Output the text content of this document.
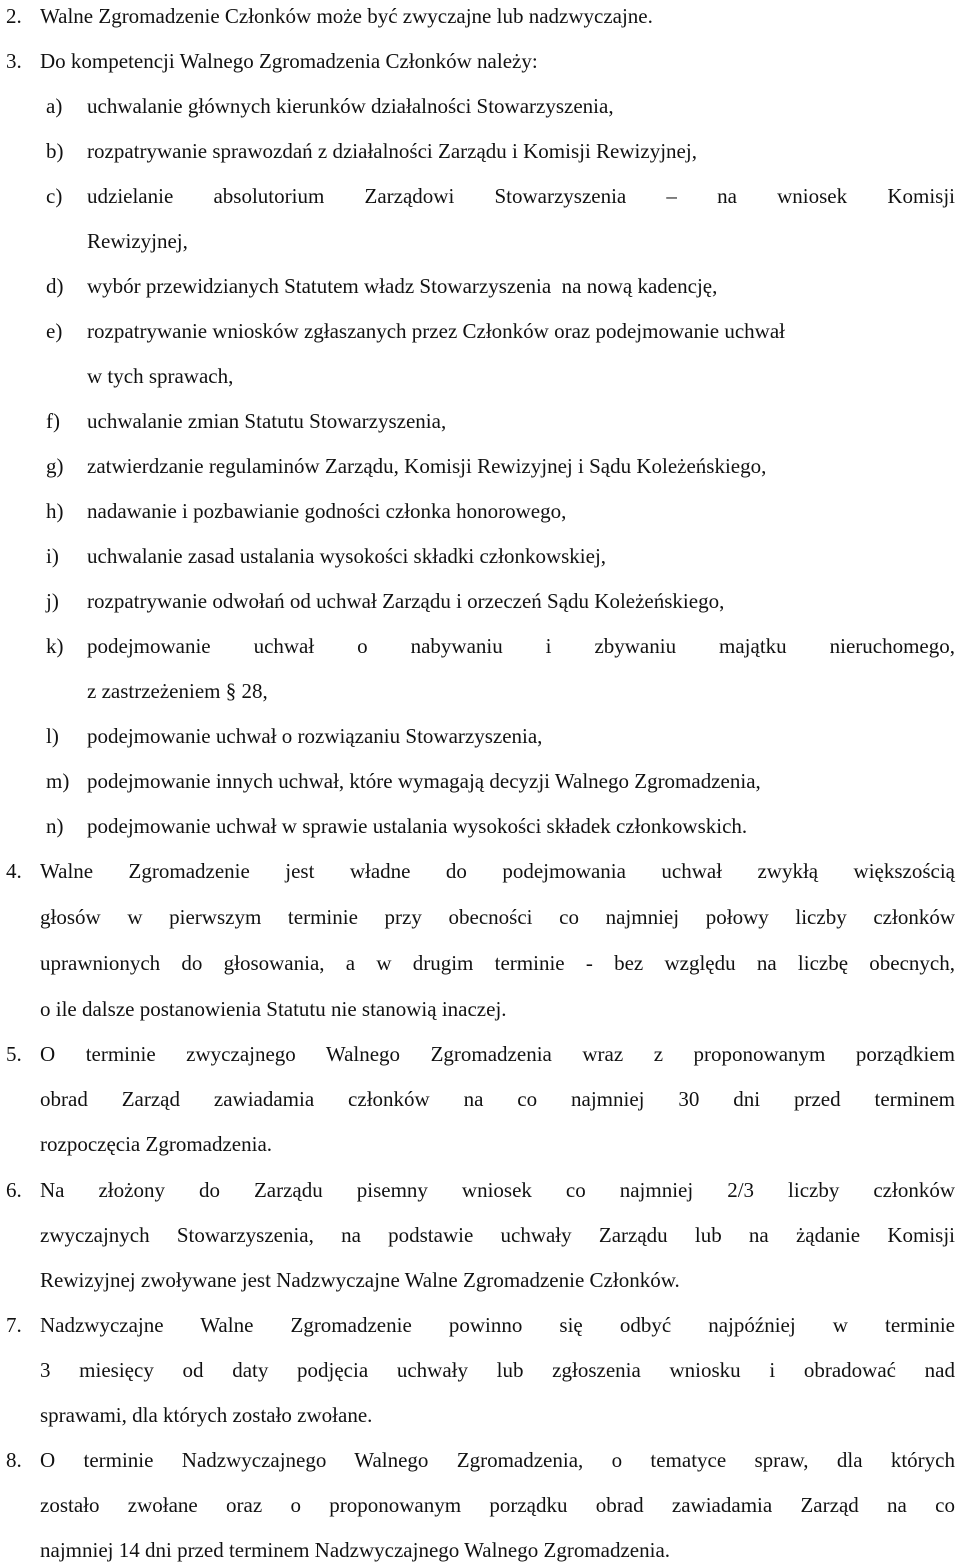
2. Walne Zgromadzenie Członków może być zwyczajne lub nadzwyczajne.
3. Do kompetencji Walnego Zgromadzenia Członków należy:
a) uchwalanie głównych kierunków działalności Stowarzyszenia,
b) rozpatrywanie sprawozdań z działalności Zarządu i Komisji Rewizyjnej,
c) udzielanie absolutorium Zarządowi Stowarzyszenia – na wniosek Komisji
Rewizyjnej,
d) wybór przewidzianych Statutem władz Stowarzyszenia  na nową kadencję,
e) rozpatrywanie wniosków zgłaszanych przez Członków oraz podejmowanie uchwał
w tych sprawach,
f) uchwalanie zmian Statutu Stowarzyszenia,
g) zatwierdzanie regulaminów Zarządu, Komisji Rewizyjnej i Sądu Koleżeńskiego,
h) nadawanie i pozbawianie godności członka honorowego,
i) uchwalanie zasad ustalania wysokości składki członkowskiej,
j) rozpatrywanie odwołań od uchwał Zarządu i orzeczeń Sądu Koleżeńskiego,
k) podejmowanie uchwał o nabywaniu i zbywaniu majątku nieruchomego,
z zastrzeżeniem § 28,
l) podejmowanie uchwał o rozwiązaniu Stowarzyszenia,
m) podejmowanie innych uchwał, które wymagają decyzji Walnego Zgromadzenia,
n) podejmowanie uchwał w sprawie ustalania wysokości składek członkowskich.
4. Walne Zgromadzenie jest władne do podejmowania uchwał zwykłą większością
głosów w pierwszym terminie przy obecności co najmniej połowy liczby członków
uprawnionych do głosowania, a w drugim terminie - bez względu na liczbę obecnych,
o ile dalsze postanowienia Statutu nie stanowią inaczej.
5. O terminie zwyczajnego Walnego Zgromadzenia wraz z proponowanym porządkiem
obrad Zarząd zawiadamia członków na co najmniej 30 dni przed terminem
rozpoczęcia Zgromadzenia.
6. Na złożony do Zarządu pisemny wniosek co najmniej 2/3 liczby członków
zwyczajnych Stowarzyszenia, na podstawie uchwały Zarządu lub na żądanie Komisji
Rewizyjnej zwoływane jest Nadzwyczajne Walne Zgromadzenie Członków.
7. Nadzwyczajne Walne Zgromadzenie powinno się odbyć najpóźniej w terminie
3 miesięcy od daty podjęcia uchwały lub zgłoszenia wniosku i obradować nad
sprawami, dla których zostało zwołane.
8. O terminie Nadzwyczajnego Walnego Zgromadzenia, o tematyce spraw, dla których
zostało zwołane oraz o proponowanym porządku obrad zawiadamia Zarząd na co
najmniej 14 dni przed terminem Nadzwyczajnego Walnego Zgromadzenia.
